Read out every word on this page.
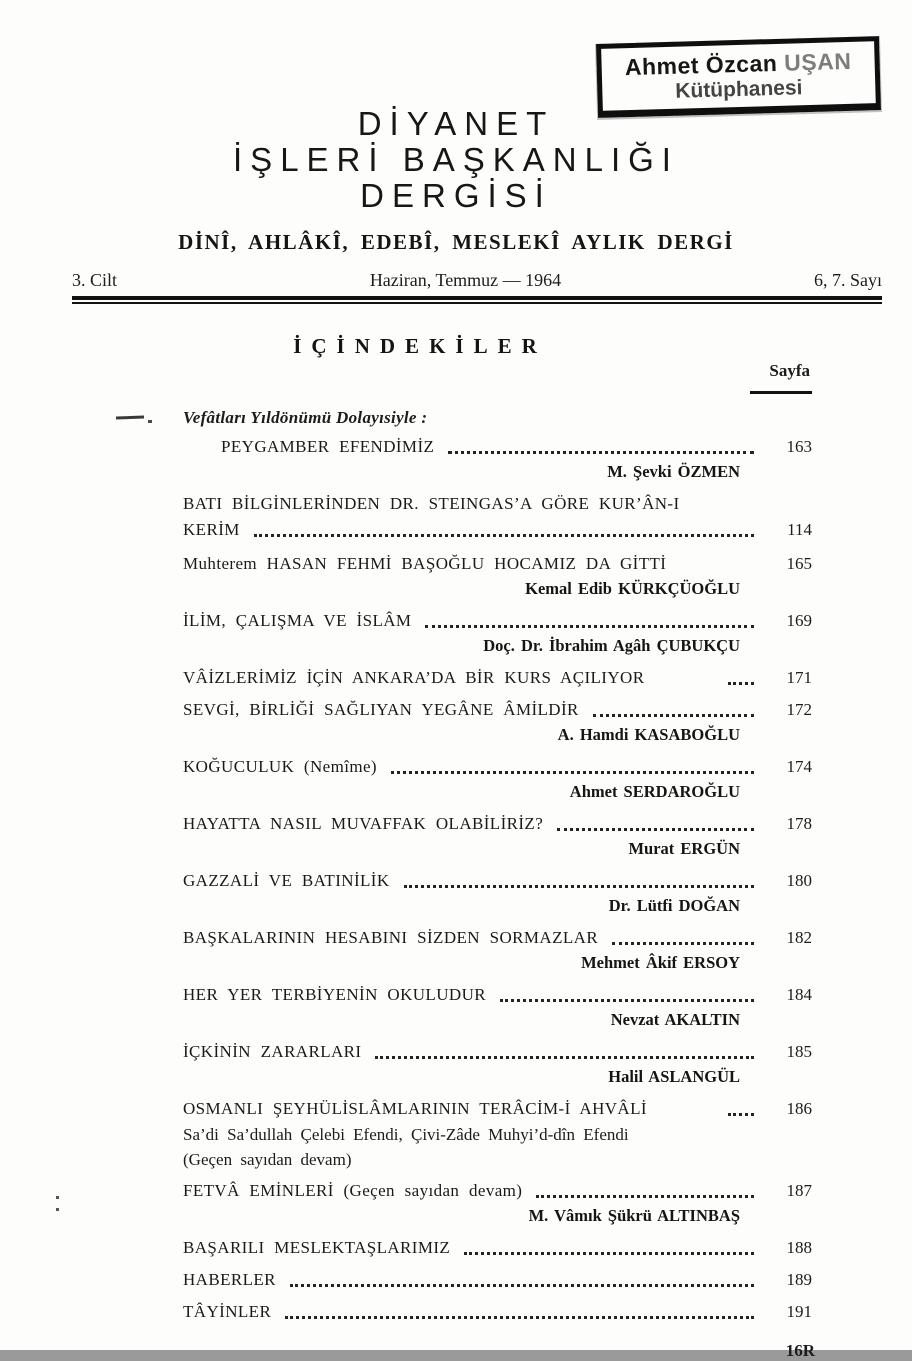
Ahmet Özcan UŞAN
Kütüphanesi
DİYANET
İŞLERİ BAŞKANLIĞI
DERGİSİ
DİNÎ, AHLÂKÎ, EDEBÎ, MESLEKÎ AYLIK DERGİ
3. Cilt	Haziran, Temmuz — 1964	6, 7. Sayı
İÇİNDEKİLER
Sayfa
Vefâtları Yıldönümü Dolayısiyle :
PEYGAMBER EFENDİMİZ	163
M. Şevki ÖZMEN
BATI BİLGİNLERİNDEN DR. STEINGAS’A GÖRE KUR’ÂN-I
KERİM	114
Muhterem HASAN FEHMİ BAŞOĞLU HOCAMIZ DA GİTTİ	165
Kemal Edib KÜRKÇÜOĞLU
İLİM, ÇALIŞMA VE İSLÂM	169
Doç. Dr. İbrahim Agâh ÇUBUKÇU
VÂİZLERİMİZ İÇİN ANKARA’DA BİR KURS AÇILIYOR	171
SEVGİ, BİRLİĞİ SAĞLIYAN YEGÂNE ÂMİLDİR	172
A. Hamdi KASABOĞLU
KOĞUCULUK (Nemîme)	174
Ahmet SERDAROĞLU
HAYATTA NASIL MUVAFFAK OLABİLİRİZ?	178
Murat ERGÜN
GAZZALİ VE BATINİLİK	180
Dr. Lütfi DOĞAN
BAŞKALARININ HESABINI SİZDEN SORMAZLAR	182
Mehmet Âkif ERSOY
HER YER TERBİYENİN OKULUDUR	184
Nevzat AKALTIN
İÇKİNİN ZARARLARI	185
Halil ASLANGÜL
OSMANLI ŞEYHÜLİSLÂMLARININ TERÂCİM-İ AHVÂLİ	186
Sa’di Sa’dullah Çelebi Efendi, Çivi-Zâde Muhyi’d-dîn Efendi
(Geçen sayıdan devam)
FETVÂ EMİNLERİ (Geçen sayıdan devam)	187
M. Vâmık Şükrü ALTINBAŞ
BAŞARILI MESLEKTAŞLARIMIZ	188
HABERLER	189
TÂYİNLER	191
16R
